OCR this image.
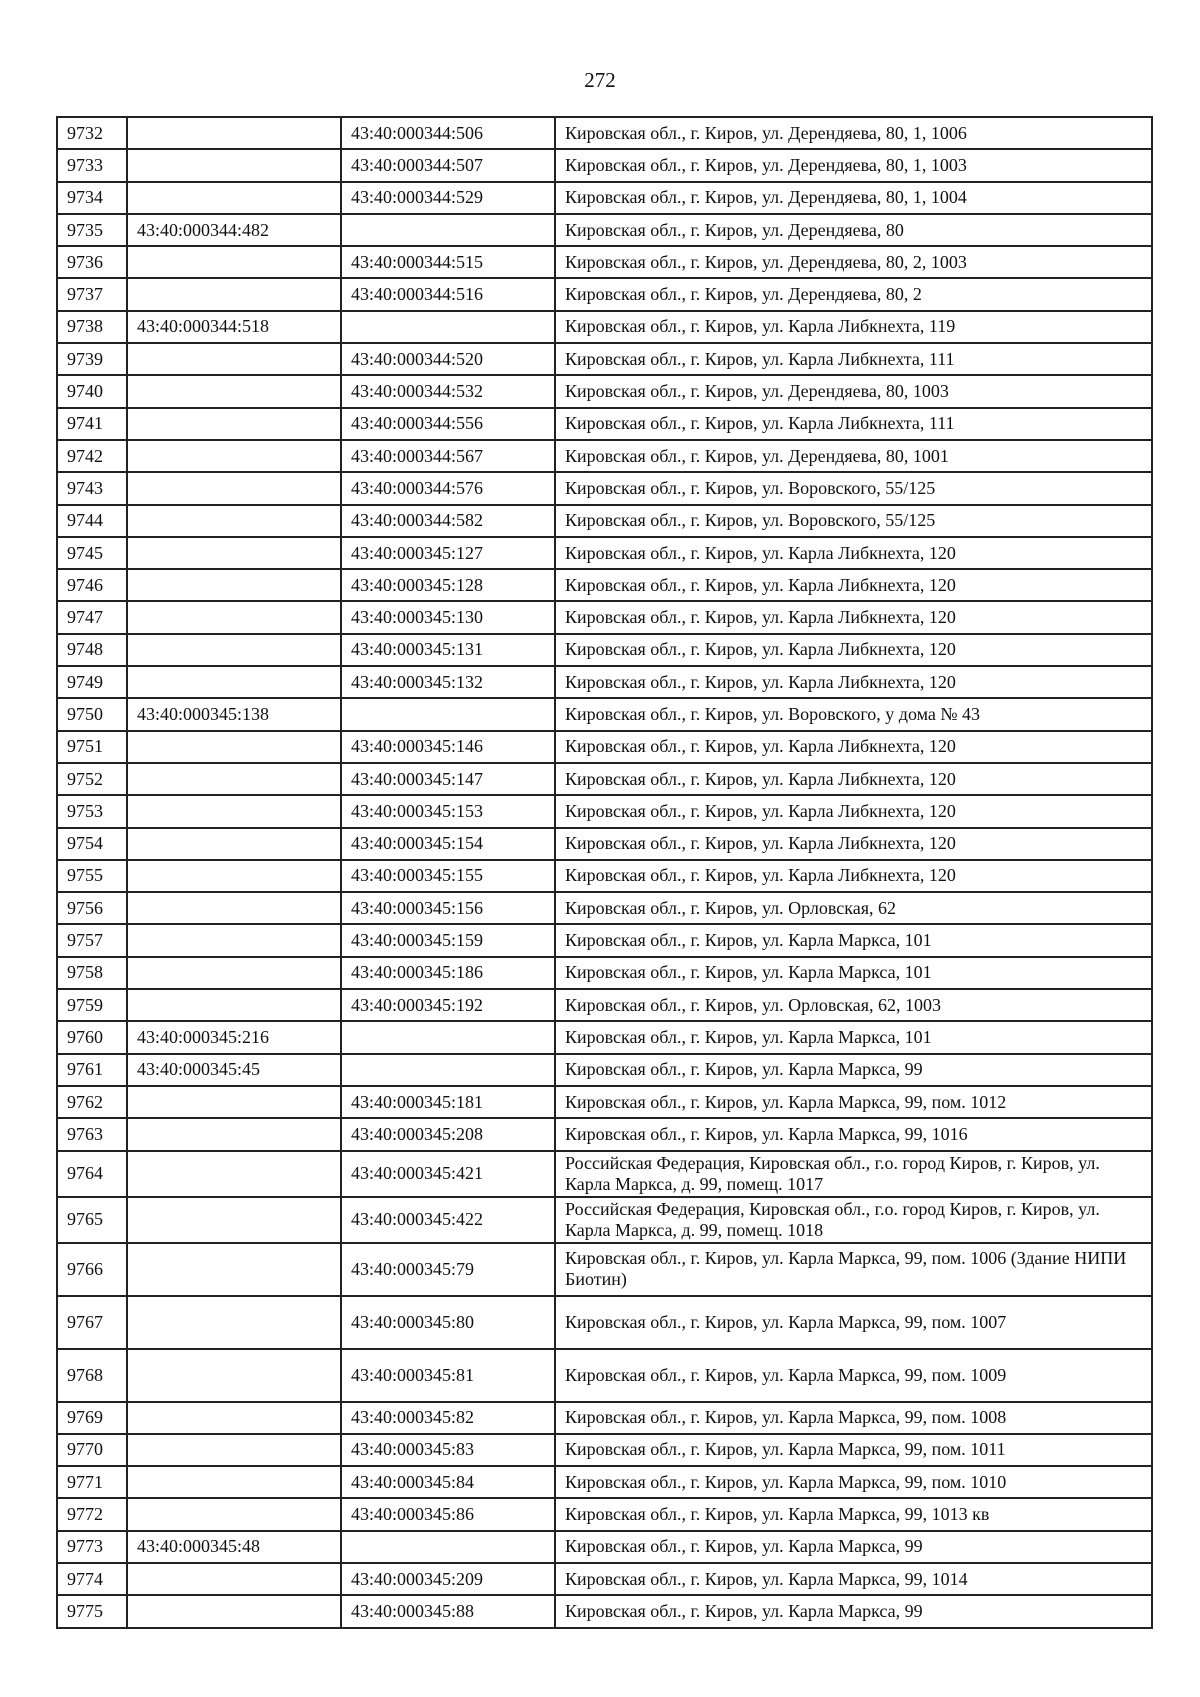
272
9732		43:40:000344:506	Кировская обл., г. Киров, ул. Дерендяева, 80, 1, 1006
9733		43:40:000344:507	Кировская обл., г. Киров, ул. Дерендяева, 80, 1, 1003
9734		43:40:000344:529	Кировская обл., г. Киров, ул. Дерендяева, 80, 1, 1004
9735	43:40:000344:482		Кировская обл., г. Киров, ул. Дерендяева, 80
9736		43:40:000344:515	Кировская обл., г. Киров, ул. Дерендяева, 80, 2, 1003
9737		43:40:000344:516	Кировская обл., г. Киров, ул. Дерендяева, 80, 2
9738	43:40:000344:518		Кировская обл., г. Киров, ул. Карла Либкнехта, 119
9739		43:40:000344:520	Кировская обл., г. Киров, ул. Карла Либкнехта, 111
9740		43:40:000344:532	Кировская обл., г. Киров, ул. Дерендяева, 80, 1003
9741		43:40:000344:556	Кировская обл., г. Киров, ул. Карла Либкнехта, 111
9742		43:40:000344:567	Кировская обл., г. Киров, ул. Дерендяева, 80, 1001
9743		43:40:000344:576	Кировская обл., г. Киров, ул. Воровского, 55/125
9744		43:40:000344:582	Кировская обл., г. Киров, ул. Воровского, 55/125
9745		43:40:000345:127	Кировская обл., г. Киров, ул. Карла Либкнехта, 120
9746		43:40:000345:128	Кировская обл., г. Киров, ул. Карла Либкнехта, 120
9747		43:40:000345:130	Кировская обл., г. Киров, ул. Карла Либкнехта, 120
9748		43:40:000345:131	Кировская обл., г. Киров, ул. Карла Либкнехта, 120
9749		43:40:000345:132	Кировская обл., г. Киров, ул. Карла Либкнехта, 120
9750	43:40:000345:138		Кировская обл., г. Киров, ул. Воровского, у дома № 43
9751		43:40:000345:146	Кировская обл., г. Киров, ул. Карла Либкнехта, 120
9752		43:40:000345:147	Кировская обл., г. Киров, ул. Карла Либкнехта, 120
9753		43:40:000345:153	Кировская обл., г. Киров, ул. Карла Либкнехта, 120
9754		43:40:000345:154	Кировская обл., г. Киров, ул. Карла Либкнехта, 120
9755		43:40:000345:155	Кировская обл., г. Киров, ул. Карла Либкнехта, 120
9756		43:40:000345:156	Кировская обл., г. Киров, ул. Орловская, 62
9757		43:40:000345:159	Кировская обл., г. Киров, ул. Карла Маркса, 101
9758		43:40:000345:186	Кировская обл., г. Киров, ул. Карла Маркса, 101
9759		43:40:000345:192	Кировская обл., г. Киров, ул. Орловская, 62, 1003
9760	43:40:000345:216		Кировская обл., г. Киров, ул. Карла Маркса, 101
9761	43:40:000345:45		Кировская обл., г. Киров, ул. Карла Маркса, 99
9762		43:40:000345:181	Кировская обл., г. Киров, ул. Карла Маркса, 99, пом. 1012
9763		43:40:000345:208	Кировская обл., г. Киров, ул. Карла Маркса, 99, 1016
9764		43:40:000345:421	Российская Федерация, Кировская обл., г.о. город Киров, г. Киров, ул. Карла Маркса, д. 99, помещ. 1017
9765		43:40:000345:422	Российская Федерация, Кировская обл., г.о. город Киров, г. Киров, ул. Карла Маркса, д. 99, помещ. 1018
9766		43:40:000345:79	Кировская обл., г. Киров, ул. Карла Маркса, 99, пом. 1006 (Здание НИПИ Биотин)
9767		43:40:000345:80	Кировская обл., г. Киров, ул. Карла Маркса, 99, пом. 1007
9768		43:40:000345:81	Кировская обл., г. Киров, ул. Карла Маркса, 99, пом. 1009
9769		43:40:000345:82	Кировская обл., г. Киров, ул. Карла Маркса, 99, пом. 1008
9770		43:40:000345:83	Кировская обл., г. Киров, ул. Карла Маркса, 99, пом. 1011
9771		43:40:000345:84	Кировская обл., г. Киров, ул. Карла Маркса, 99, пом. 1010
9772		43:40:000345:86	Кировская обл., г. Киров, ул. Карла Маркса, 99, 1013 кв
9773	43:40:000345:48		Кировская обл., г. Киров, ул. Карла Маркса, 99
9774		43:40:000345:209	Кировская обл., г. Киров, ул. Карла Маркса, 99, 1014
9775		43:40:000345:88	Кировская обл., г. Киров, ул. Карла Маркса, 99
